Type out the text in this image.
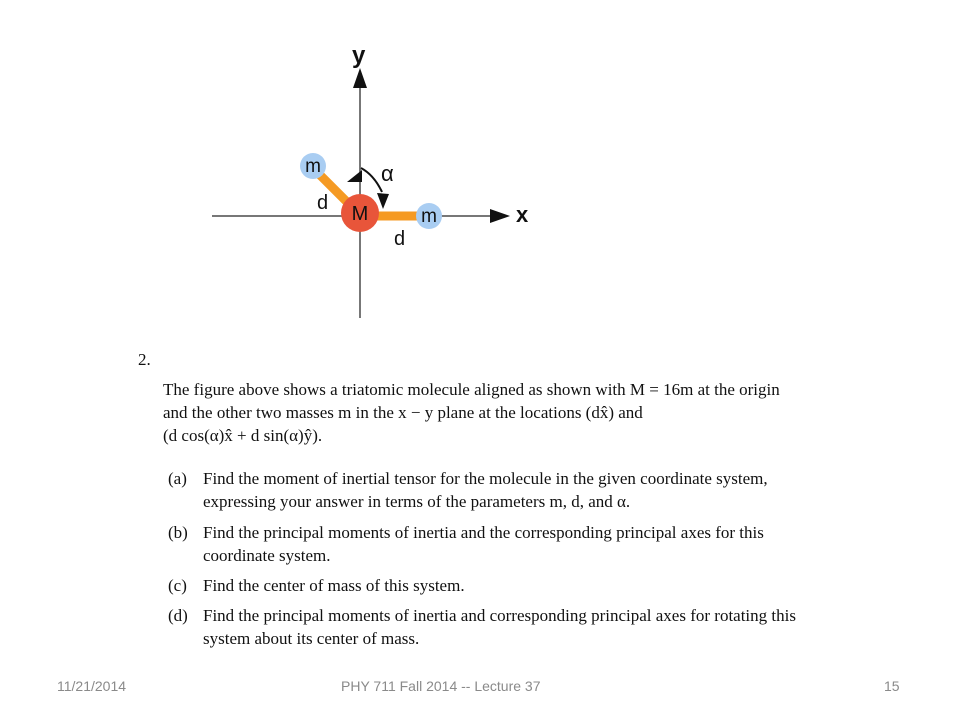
y
x
α
m
m
M
d
d
2.
The figure above shows a triatomic molecule aligned as shown with M = 16m at the origin
and the other two masses m in the x − y plane at the locations (dx̂) and
(d cos(α)x̂ + d sin(α)ŷ).
(a) Find the moment of inertial tensor for the molecule in the given coordinate system,
expressing your answer in terms of the parameters m, d, and α.
(b) Find the principal moments of inertia and the corresponding principal axes for this
coordinate system.
(c) Find the center of mass of this system.
(d) Find the principal moments of inertia and corresponding principal axes for rotating this
system about its center of mass.
11/21/2014	PHY 711 Fall 2014 -- Lecture 37	15
